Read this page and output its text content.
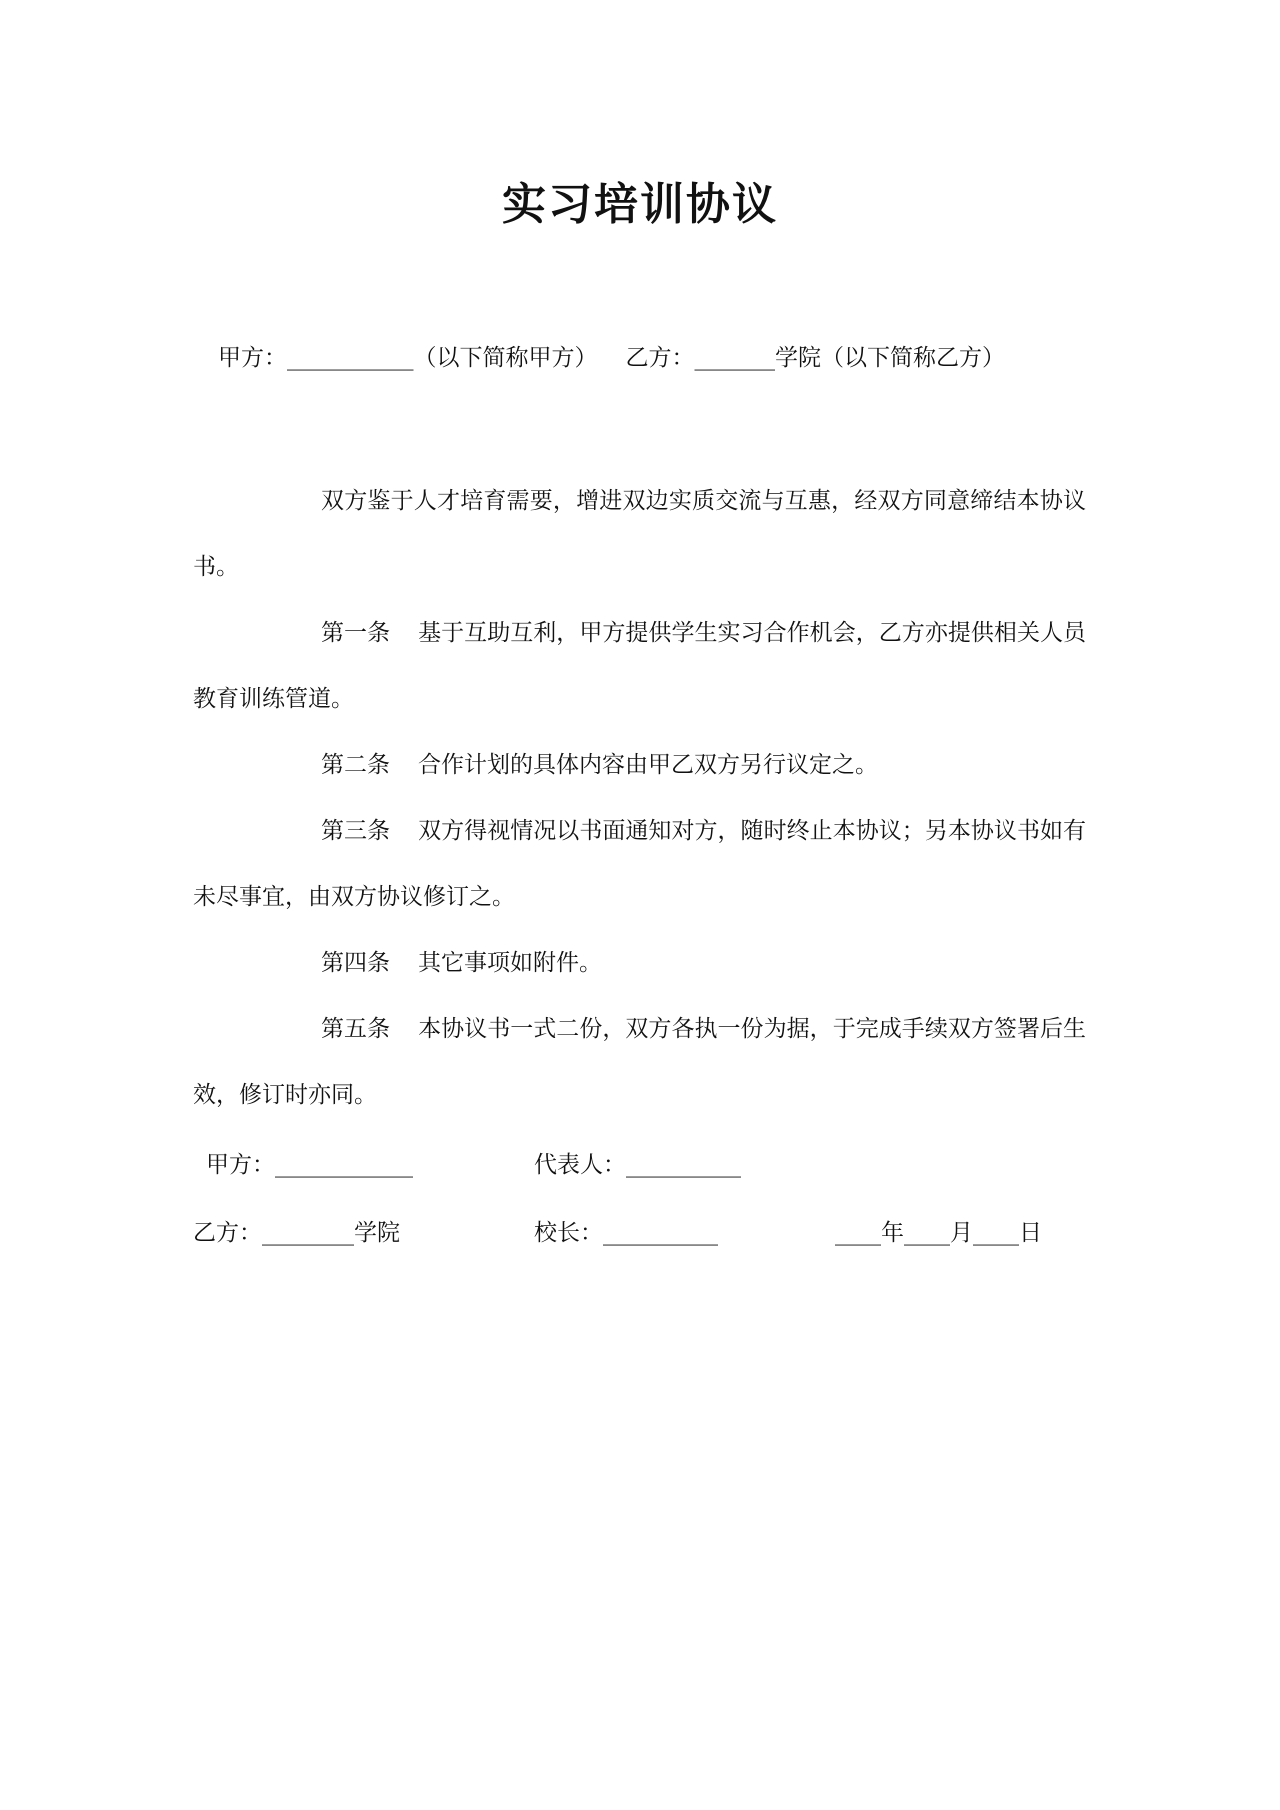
实习培训协议
甲方：___________（以下简称甲方） 乙方：_______学院（以下简称乙方）

双方鉴于人才培育需要，增进双边实质交流与互惠，经双方同意缔结本协议书。

第一条 基于互助互利，甲方提供学生实习合作机会，乙方亦提供相关人员教育训练管道。

第二条 合作计划的具体内容由甲乙双方另行议定之。

第三条 双方得视情况以书面通知对方，随时终止本协议；另本协议书如有未尽事宜，由双方协议修订之。

第四条 其它事项如附件。

第五条 本协议书一式二份，双方各执一份为据，于完成手续双方签署后生效，修订时亦同。

甲方：____________	代表人：__________
乙方：________学院	校长：__________	____年____月____日
